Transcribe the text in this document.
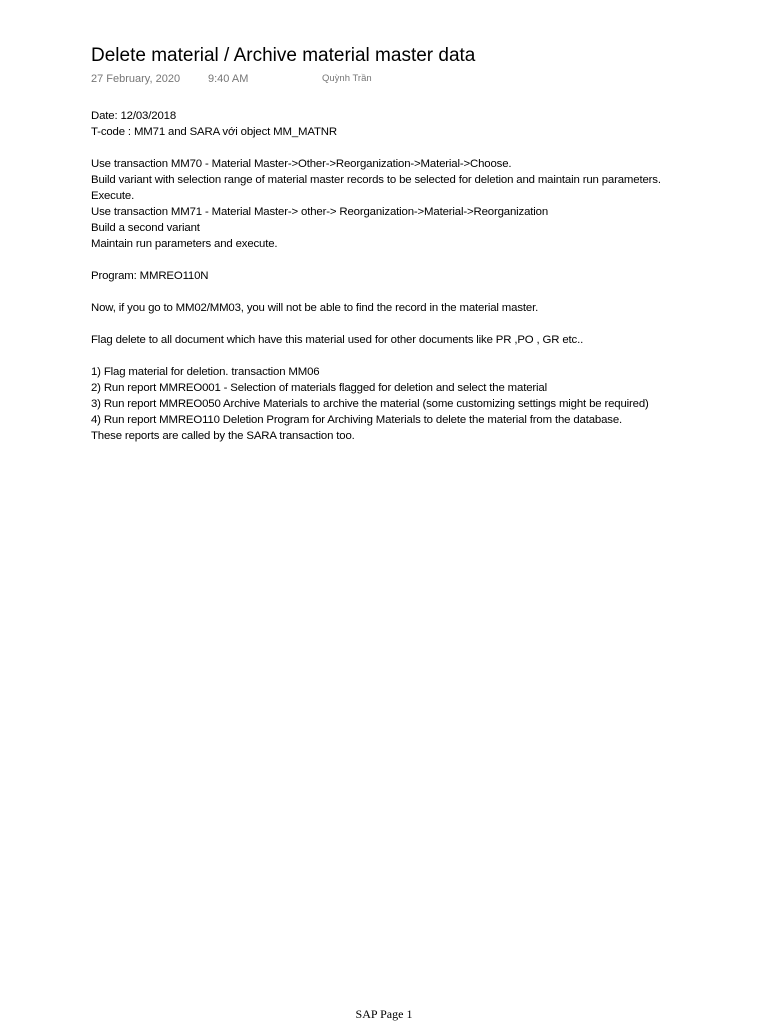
Delete material / Archive material master data
27 February, 2020	9:40 AM	Quỳnh Trần
Date: 12/03/2018
T-code : MM71 and SARA với object MM_MATNR
Use transaction MM70 - Material Master->Other->Reorganization->Material->Choose.
Build variant with selection range of material master records to be selected for deletion and maintain run parameters.
Execute.
Use transaction MM71 - Material Master-> other-> Reorganization->Material->Reorganization
Build a second variant
Maintain run parameters and execute.
Program: MMREO110N
Now, if you go to MM02/MM03, you will not be able to find the record in the material master.
Flag delete to all document which have this material used for other documents like PR ,PO , GR etc..
1) Flag material for deletion. transaction MM06
2) Run report MMREO001 - Selection of materials flagged for deletion and select the material
3) Run report MMREO050 Archive Materials to archive the material (some customizing settings might be required)
4) Run report MMREO110 Deletion Program for Archiving Materials to delete the material from the database.
These reports are called by the SARA transaction too.
SAP Page 1
